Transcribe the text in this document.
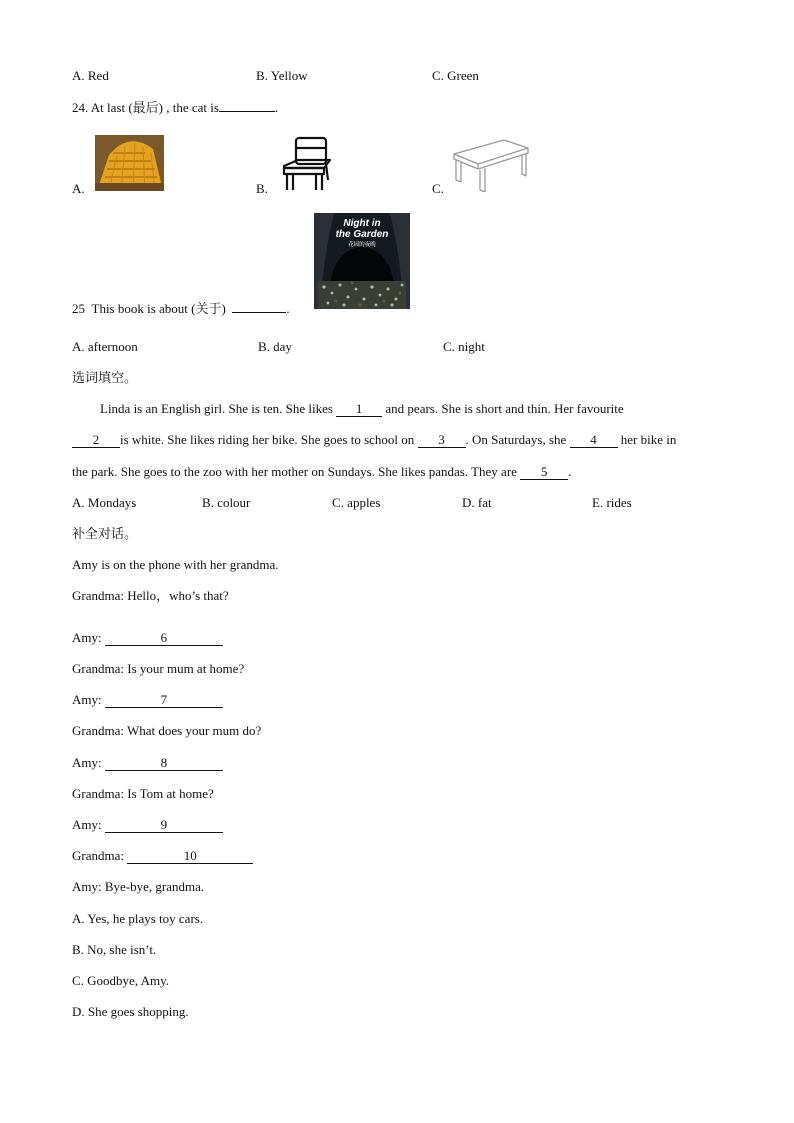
A. Red	B. Yellow	C. Green
24. At last (最后) , the cat is	.
A.	B.	C.
Night in
the Garden
花园的夜晚
25 This book is about (关于)	.
A. afternoon	B. day	C. night
选词填空。
Linda is an English girl. She is ten. She likes 1 and pears. She is short and thin. Her favourite
2 is white. She likes riding her bike. She goes to school on 3 . On Saturdays, she 4 her bike in
the park. She goes to the zoo with her mother on Sundays. She likes pandas. They are 5 .
A. Mondays	B. colour	C. apples	D. fat	E. rides
补全对话。
Amy is on the phone with her grandma.
Grandma: Hello，who’s that?
Amy:	6
Grandma: Is your mum at home?
Amy:	7
Grandma: What does your mum do?
Amy:	8
Grandma: Is Tom at home?
Amy:	9
Grandma:	10
Amy: Bye-bye, grandma.
A. Yes, he plays toy cars.
B. No, she isn’t.
C. Goodbye, Amy.
D. She goes shopping.
